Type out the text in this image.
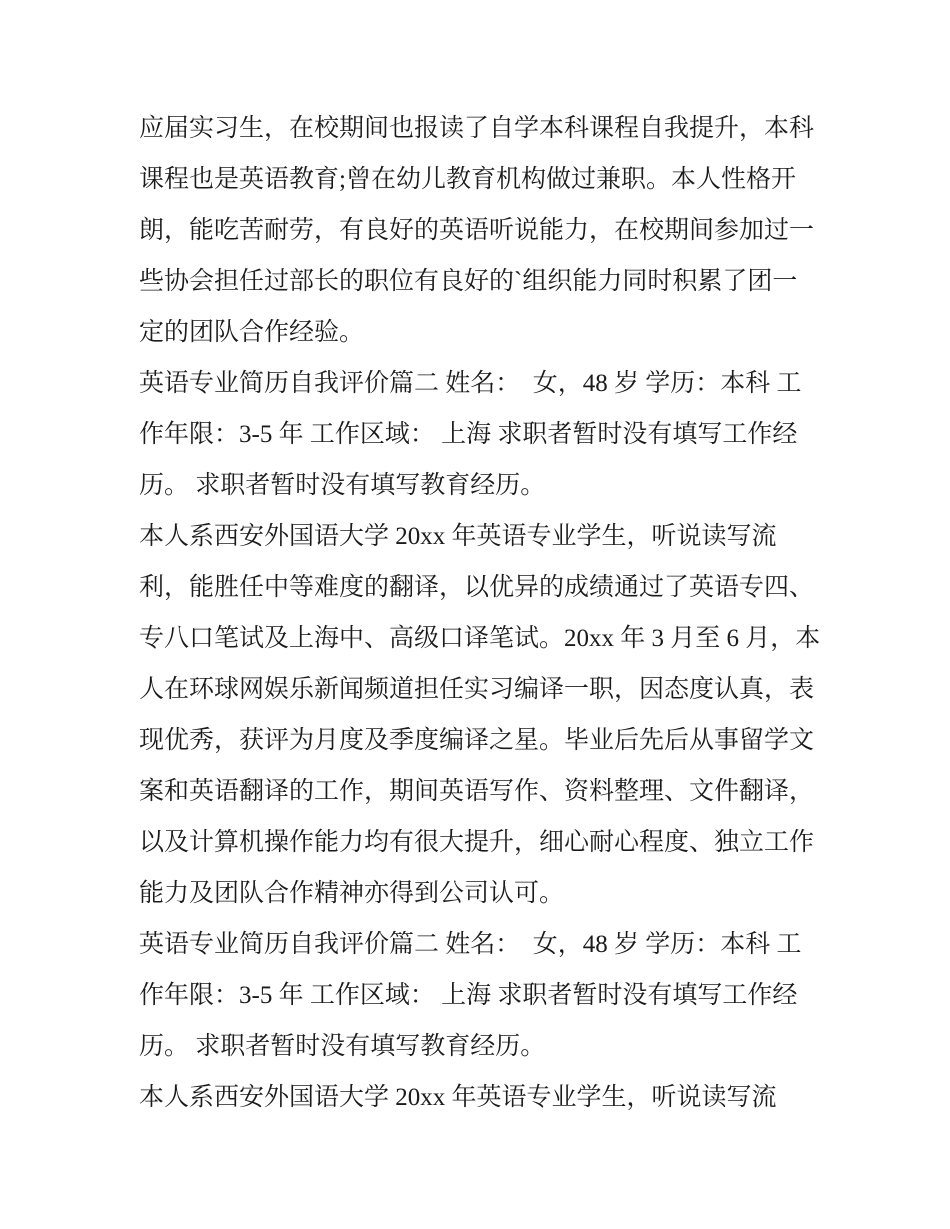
应届实习生，在校期间也报读了自学本科课程自我提升，本科
课程也是英语教育;曾在幼儿教育机构做过兼职。本人性格开
朗，能吃苦耐劳，有良好的英语听说能力，在校期间参加过一
些协会担任过部长的职位有良好的`组织能力同时积累了团一
定的团队合作经验。
英语专业简历自我评价篇二 姓名：　女，48 岁 学历：本科 工
作年限：3-5 年 工作区域： 上海 求职者暂时没有填写工作经
历。 求职者暂时没有填写教育经历。
本人系西安外国语大学 20xx 年英语专业学生，听说读写流
利，能胜任中等难度的翻译，以优异的成绩通过了英语专四、
专八口笔试及上海中、高级口译笔试。20xx 年 3 月至 6 月，本
人在环球网娱乐新闻频道担任实习编译一职，因态度认真，表
现优秀，获评为月度及季度编译之星。毕业后先后从事留学文
案和英语翻译的工作，期间英语写作、资料整理、文件翻译，
以及计算机操作能力均有很大提升，细心耐心程度、独立工作
能力及团队合作精神亦得到公司认可。
英语专业简历自我评价篇二 姓名：　女，48 岁 学历：本科 工
作年限：3-5 年 工作区域： 上海 求职者暂时没有填写工作经
历。 求职者暂时没有填写教育经历。
本人系西安外国语大学 20xx 年英语专业学生，听说读写流
